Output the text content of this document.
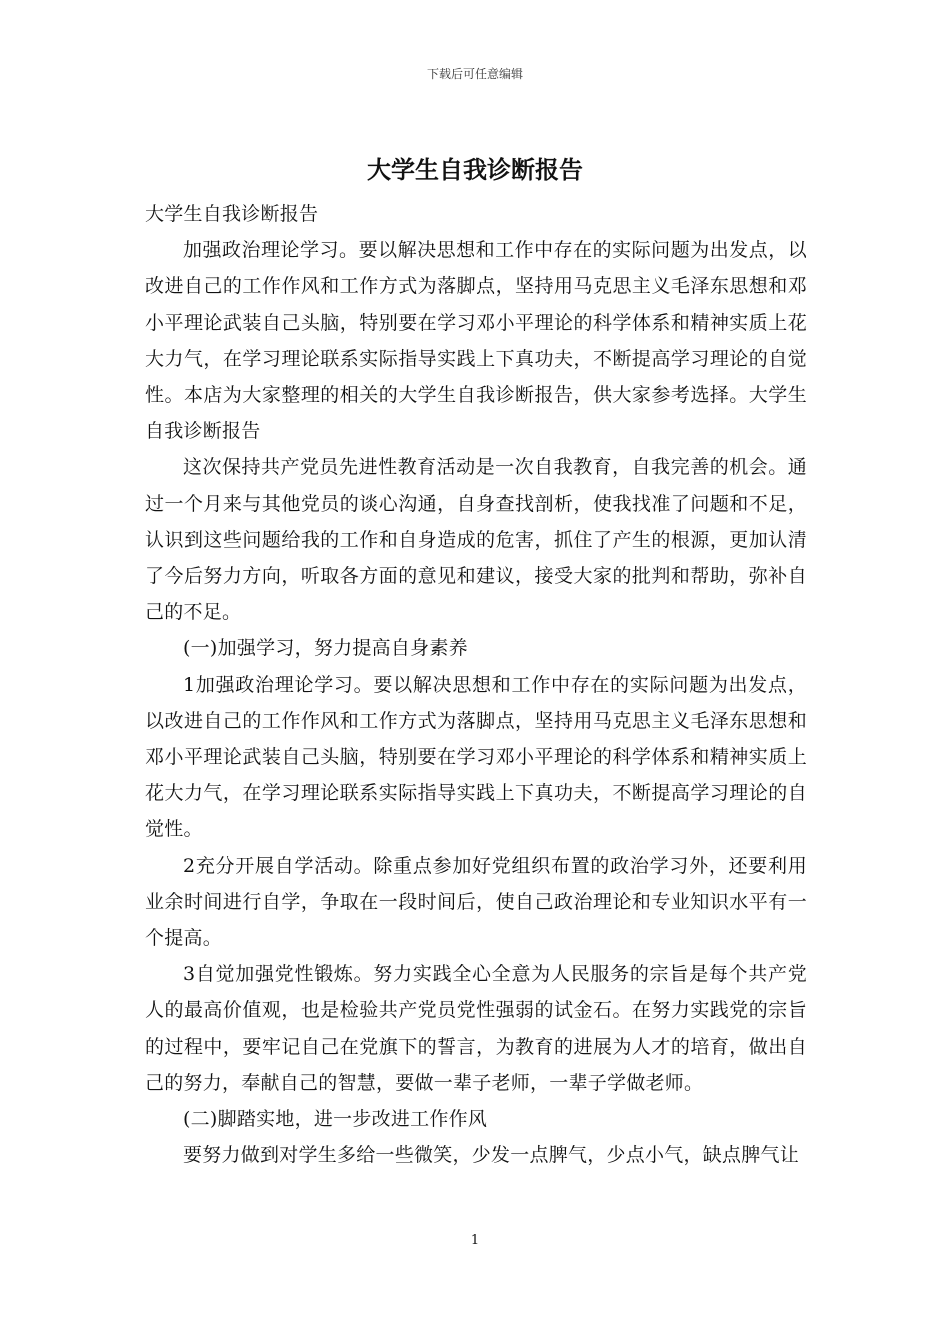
下载后可任意编辑
大学生自我诊断报告

大学生自我诊断报告

加强政治理论学习。要以解决思想和工作中存在的实际问题为出发点，以改进自己的工作作风和工作方式为落脚点，坚持用马克思主义毛泽东思想和邓小平理论武装自己头脑，特别要在学习邓小平理论的科学体系和精神实质上花大力气，在学习理论联系实际指导实践上下真功夫，不断提高学习理论的自觉性。本店为大家整理的相关的大学生自我诊断报告，供大家参考选择。大学生自我诊断报告

这次保持共产党员先进性教育活动是一次自我教育，自我完善的机会。通过一个月来与其他党员的谈心沟通，自身查找剖析，使我找准了问题和不足，认识到这些问题给我的工作和自身造成的危害，抓住了产生的根源，更加认清了今后努力方向，听取各方面的意见和建议，接受大家的批判和帮助，弥补自己的不足。

(一)加强学习，努力提高自身素养

1加强政治理论学习。要以解决思想和工作中存在的实际问题为出发点，以改进自己的工作作风和工作方式为落脚点，坚持用马克思主义毛泽东思想和邓小平理论武装自己头脑，特别要在学习邓小平理论的科学体系和精神实质上花大力气，在学习理论联系实际指导实践上下真功夫，不断提高学习理论的自觉性。

2充分开展自学活动。除重点参加好党组织布置的政治学习外，还要利用业余时间进行自学，争取在一段时间后，使自己政治理论和专业知识水平有一个提高。

3自觉加强党性锻炼。努力实践全心全意为人民服务的宗旨是每个共产党人的最高价值观，也是检验共产党员党性强弱的试金石。在努力实践党的宗旨的过程中，要牢记自己在党旗下的誓言，为教育的进展为人才的培育，做出自己的努力，奉献自己的智慧，要做一辈子老师，一辈子学做老师。

(二)脚踏实地，进一步改进工作作风

要努力做到对学生多给一些微笑，少发一点脾气，少点小气，缺点脾气让

1
